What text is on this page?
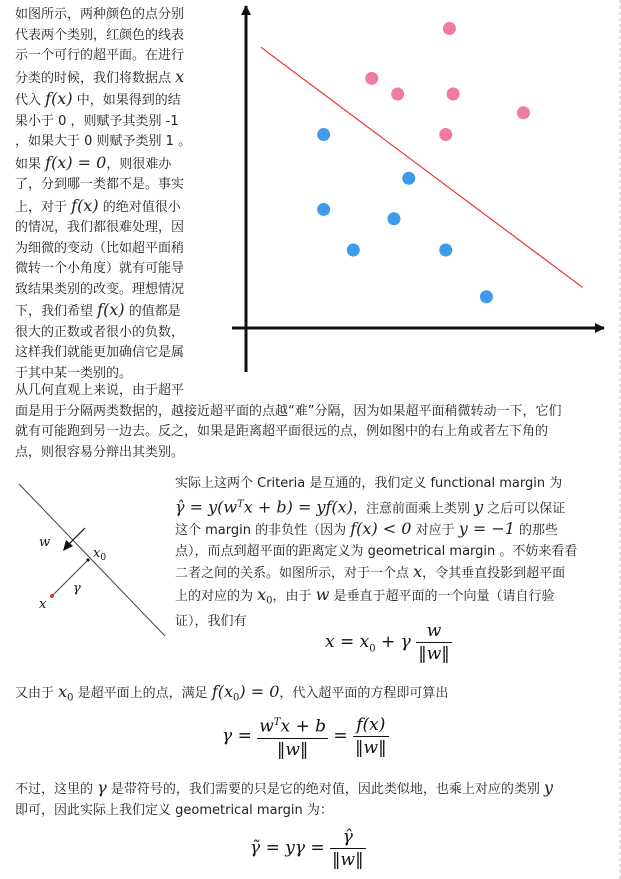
如图所示，两种颜色的点分别
代表两个类别，红颜色的线表
示一个可行的超平面。在进行
分类的时候，我们将数据点 x
代入 f(x) 中，如果得到的结
果小于 0 ，则赋予其类别 -1
，如果大于 0 则赋予类别 1 。
如果 f(x) = 0，则很难办
了，分到哪一类都不是。事实
上，对于 f(x) 的绝对值很小
的情况，我们都很难处理，因
为细微的变动（比如超平面稍
微转一个小角度）就有可能导
致结果类别的改变。理想情况
下，我们希望 f(x) 的值都是
很大的正数或者很小的负数，
这样我们就能更加确信它是属
于其中某一类别的。
从几何直观上来说，由于超平
面是用于分隔两类数据的，越接近超平面的点越“难”分隔，因为如果超平面稍微转动一下，它们
就有可能跑到另一边去。反之，如果是距离超平面很远的点，例如图中的右上角或者左下角的
点，则很容易分辩出其类别。
w
$x_0$
γ
x
实际上这两个 Criteria 是互通的，我们定义 functional margin 为
γ̂ = $y(w^Tx + b) = yf(x)$，注意前面乘上类别 y 之后可以保证
这个 margin 的非负性（因为 f(x) < 0 对应于 y = −1 的那些
点），而点到超平面的距离定义为 geometrical margin 。不妨来看看
二者之间的关系。如图所示，对于一个点 x，令其垂直投影到超平面
上的对应的为 $x_0$，由于 w 是垂直于超平面的一个向量（请自行验
证），我们有
$x = x_0 + \gamma \frac{w}{‖w‖}$
又由于 $x_0$ 是超平面上的点，满足 $f(x_0) = 0$，代入超平面的方程即可算出
$\gamma = \frac{w^Tx + b}{‖w‖} = \frac{f(x)}{‖w‖}$
不过，这里的 γ 是带符号的，我们需要的只是它的绝对值，因此类似地，也乘上对应的类别 y
即可，因此实际上我们定义 geometrical margin 为：
γ̃ = $y\gamma = \frac{\gammâ}{‖w‖}$
